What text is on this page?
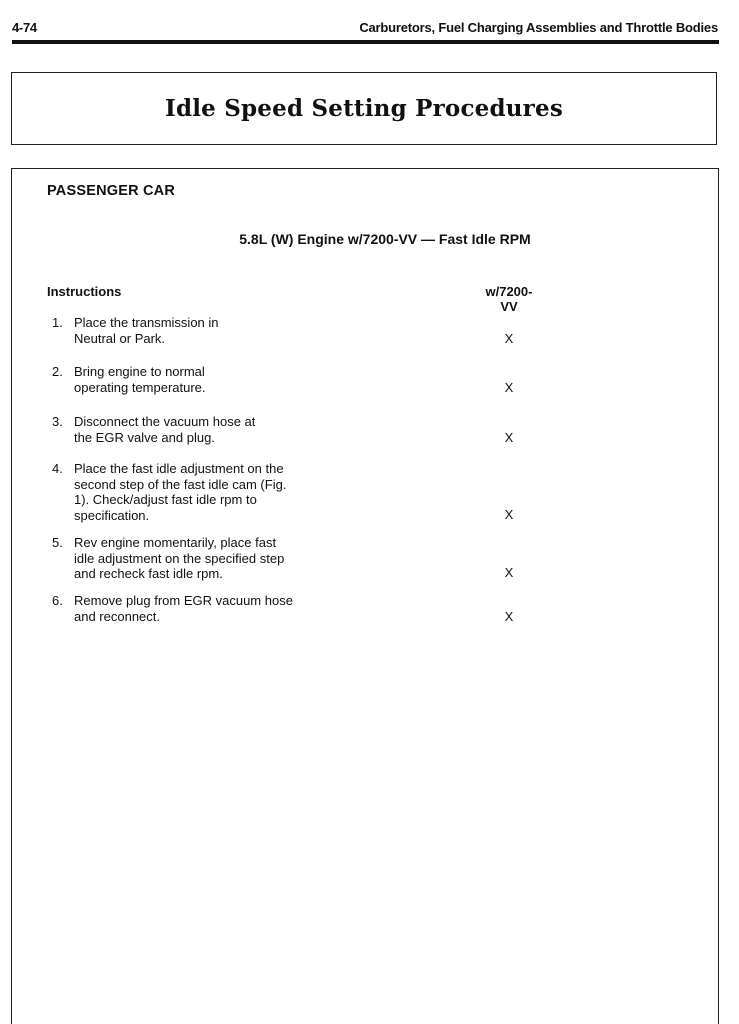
4-74	Carburetors, Fuel Charging Assemblies and Throttle Bodies
Idle Speed Setting Procedures
PASSENGER CAR
5.8L (W) Engine w/7200-VV — Fast Idle RPM
Instructions	w/7200-VV
1. Place the transmission in
Neutral or Park.	X
2. Bring engine to normal
operating temperature.	X
3. Disconnect the vacuum hose at
the EGR valve and plug.	X
4. Place the fast idle adjustment on the
second step of the fast idle cam (Fig.
1). Check/adjust fast idle rpm to
specification.	X
5. Rev engine momentarily, place fast
idle adjustment on the specified step
and recheck fast idle rpm.	X
6. Remove plug from EGR vacuum hose
and reconnect.	X
